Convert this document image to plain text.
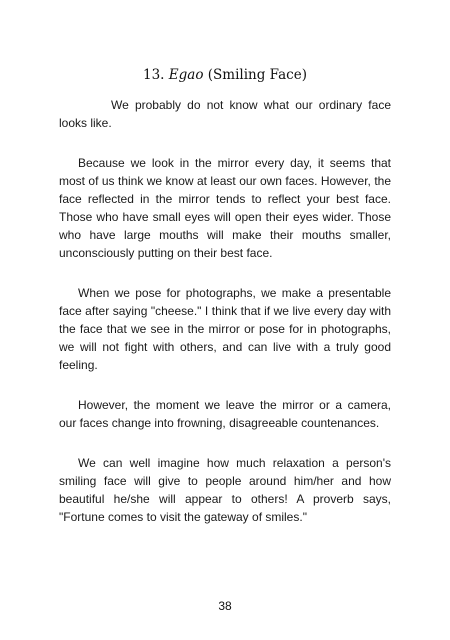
13. Egao (Smiling Face)

We probably do not know what our ordinary face looks like.

Because we look in the mirror every day, it seems that most of us think we know at least our own faces. However, the face reflected in the mirror tends to reflect your best face. Those who have small eyes will open their eyes wider. Those who have large mouths will make their mouths smaller, unconsciously putting on their best face.

When we pose for photographs, we make a presentable face after saying "cheese." I think that if we live every day with the face that we see in the mirror or pose for in photographs, we will not fight with others, and can live with a truly good feeling.

However, the moment we leave the mirror or a camera, our faces change into frowning, disagreeable countenances.

We can well imagine how much relaxation a person's smiling face will give to people around him/her and how beautiful he/she will appear to others! A proverb says, "Fortune comes to visit the gateway of smiles."

38
